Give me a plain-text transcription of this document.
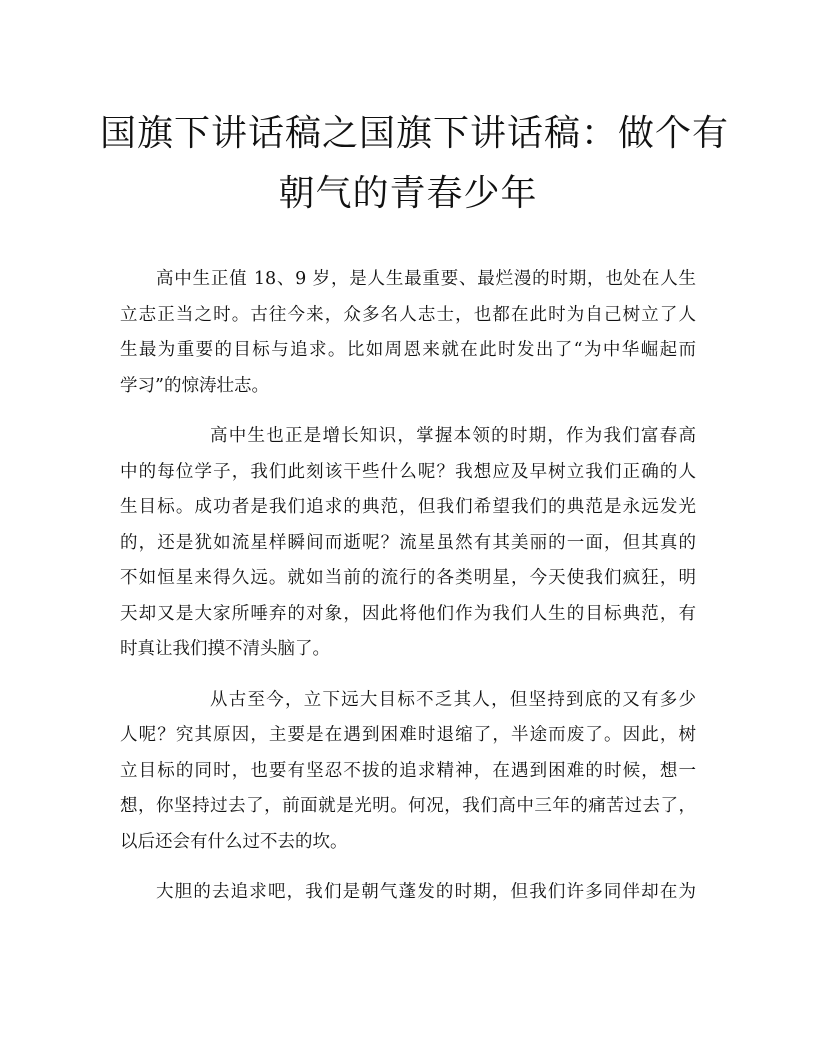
国旗下讲话稿之国旗下讲话稿：做个有
朝气的青春少年
高中生正值 18、9 岁，是人生最重要、最烂漫的时期，也处在人生
立志正当之时。古往今来，众多名人志士，也都在此时为自己树立了人
生最为重要的目标与追求。比如周恩来就在此时发出了“为中华崛起而
学习”的惊涛壮志。
高中生也正是增长知识，掌握本领的时期，作为我们富春高
中的每位学子，我们此刻该干些什么呢？我想应及早树立我们正确的人
生目标。成功者是我们追求的典范，但我们希望我们的典范是永远发光
的，还是犹如流星样瞬间而逝呢？流星虽然有其美丽的一面，但其真的
不如恒星来得久远。就如当前的流行的各类明星，今天使我们疯狂，明
天却又是大家所唾弃的对象，因此将他们作为我们人生的目标典范，有
时真让我们摸不清头脑了。
从古至今，立下远大目标不乏其人，但坚持到底的又有多少
人呢？究其原因，主要是在遇到困难时退缩了，半途而废了。因此，树
立目标的同时，也要有坚忍不拔的追求精神，在遇到困难的时候，想一
想，你坚持过去了，前面就是光明。何况，我们高中三年的痛苦过去了，
以后还会有什么过不去的坎。
大胆的去追求吧，我们是朝气蓬发的时期，但我们许多同伴却在为
